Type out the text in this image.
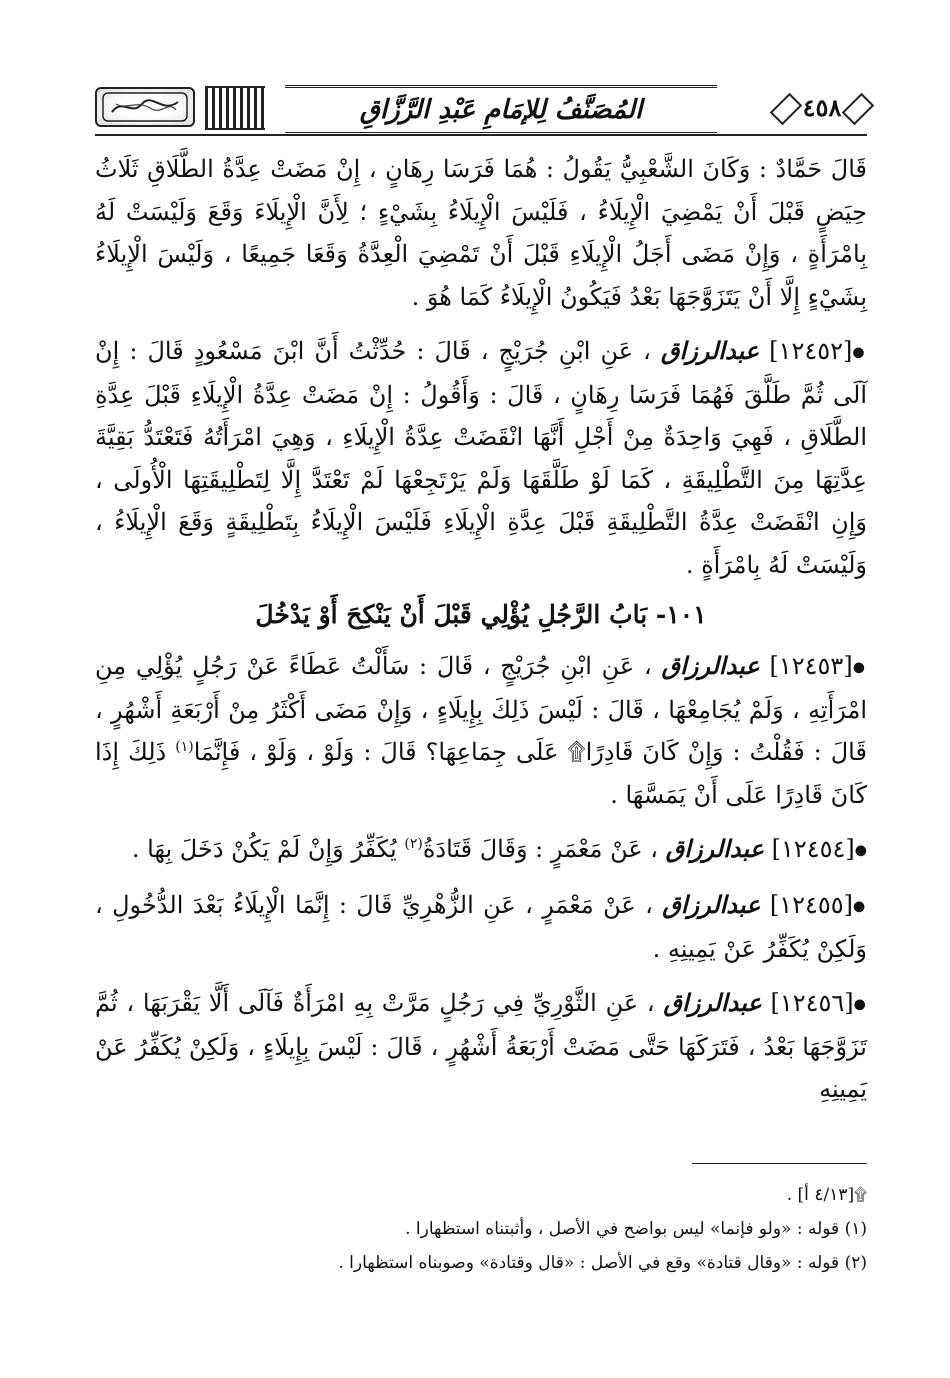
المُصَنَّفُ لِلإمَامِ عَبْدِ الرَّزَّاقِ	٤٥٨

قَالَ حَمَّادٌ : وَكَانَ الشَّعْبِيُّ يَقُولُ : هُمَا فَرَسَا رِهَانٍ ، إِنْ مَضَتْ عِدَّةُ الطَّلَاقِ ثَلَاثُ حِيَضٍ قَبْلَ أَنْ يَمْضِيَ الْإِيلَاءُ ، فَلَيْسَ الْإِيلَاءُ بِشَيْءٍ ؛ لِأَنَّ الْإِيلَاءَ وَقَعَ وَلَيْسَتْ لَهُ بِامْرَأَةٍ ، وَإِنْ مَضَى أَجَلُ الْإِيلَاءِ قَبْلَ أَنْ تَمْضِيَ الْعِدَّةُ وَقَعَا جَمِيعًا ، وَلَيْسَ الْإِيلَاءُ بِشَيْءٍ إِلَّا أَنْ يَتَزَوَّجَهَا بَعْدُ فَيَكُونُ الْإِيلَاءُ كَمَا هُوَ .

●[١٢٤٥٢] عبدالرزاق ، عَنِ ابْنِ جُرَيْجٍ ، قَالَ : حُدِّثْتُ أَنَّ ابْنَ مَسْعُودٍ قَالَ : إِنْ آلَى ثُمَّ طَلَّقَ فَهُمَا فَرَسَا رِهَانٍ ، قَالَ : وَأَقُولُ : إِنْ مَضَتْ عِدَّةُ الْإِيلَاءِ قَبْلَ عِدَّةِ الطَّلَاقِ ، فَهِيَ وَاحِدَةٌ مِنْ أَجْلِ أَنَّهَا انْقَضَتْ عِدَّةُ الْإِيلَاءِ ، وَهِيَ امْرَأَتُهُ فَتَعْتَدُّ بَقِيَّةَ عِدَّتِهَا مِنَ التَّطْلِيقَةِ ، كَمَا لَوْ طَلَّقَهَا وَلَمْ يَرْتَجِعْهَا لَمْ تَعْتَدَّ إِلَّا لِتَطْلِيقَتِهَا الْأُولَى ، وَإِنِ انْقَضَتْ عِدَّةُ التَّطْلِيقَةِ قَبْلَ عِدَّةِ الْإِيلَاءِ فَلَيْسَ الْإِيلَاءُ بِتَطْلِيقَةٍ وَقَعَ الْإِيلَاءُ ، وَلَيْسَتْ لَهُ بِامْرَأَةٍ .

١٠١- بَابُ الرَّجُلِ يُؤْلِي قَبْلَ أَنْ يَنْكِحَ أَوْ يَدْخُلَ

●[١٢٤٥٣] عبدالرزاق ، عَنِ ابْنِ جُرَيْجٍ ، قَالَ : سَأَلْتُ عَطَاءً عَنْ رَجُلٍ يُؤْلِي مِنِ امْرَأَتِهِ ، وَلَمْ يُجَامِعْهَا ، قَالَ : لَيْسَ ذَلِكَ بِإِيلَاءٍ ، وَإِنْ مَضَى أَكْثَرُ مِنْ أَرْبَعَةِ أَشْهُرٍ ، قَالَ : فَقُلْتُ : وَإِنْ كَانَ قَادِرًا۩ عَلَى جِمَاعِهَا؟ قَالَ : وَلَوْ ، وَلَوْ ، فَإِنَّمَا$^{(١)}$ ذَلِكَ إِذَا كَانَ قَادِرًا عَلَى أَنْ يَمَسَّهَا .

●[١٢٤٥٤] عبدالرزاق ، عَنْ مَعْمَرٍ : وَقَالَ قَتَادَةُ$^{(٢)}$ يُكَفِّرُ وَإِنْ لَمْ يَكُنْ دَخَلَ بِهَا .

●[١٢٤٥٥] عبدالرزاق ، عَنْ مَعْمَرٍ ، عَنِ الزُّهْرِيِّ قَالَ : إِنَّمَا الْإِيلَاءُ بَعْدَ الدُّخُولِ ، وَلَكِنْ يُكَفِّرُ عَنْ يَمِينِهِ .

●[١٢٤٥٦] عبدالرزاق ، عَنِ الثَّوْرِيِّ فِي رَجُلٍ مَرَّتْ بِهِ امْرَأَةٌ فَآلَى أَلَّا يَقْرَبَهَا ، ثُمَّ تَزَوَّجَهَا بَعْدُ ، فَتَرَكَهَا حَتَّى مَضَتْ أَرْبَعَةُ أَشْهُرٍ ، قَالَ : لَيْسَ بِإِيلَاءٍ ، وَلَكِنْ يُكَفِّرُ عَنْ يَمِينِهِ

۩[٤/١٣ أ] .
(١) قوله : «ولو فإنما» ليس بواضح في الأصل ، وأثبتناه استظهارا .
(٢) قوله : «وقال قتادة» وقع في الأصل : «قال وقتادة» وصوبناه استظهارا .
